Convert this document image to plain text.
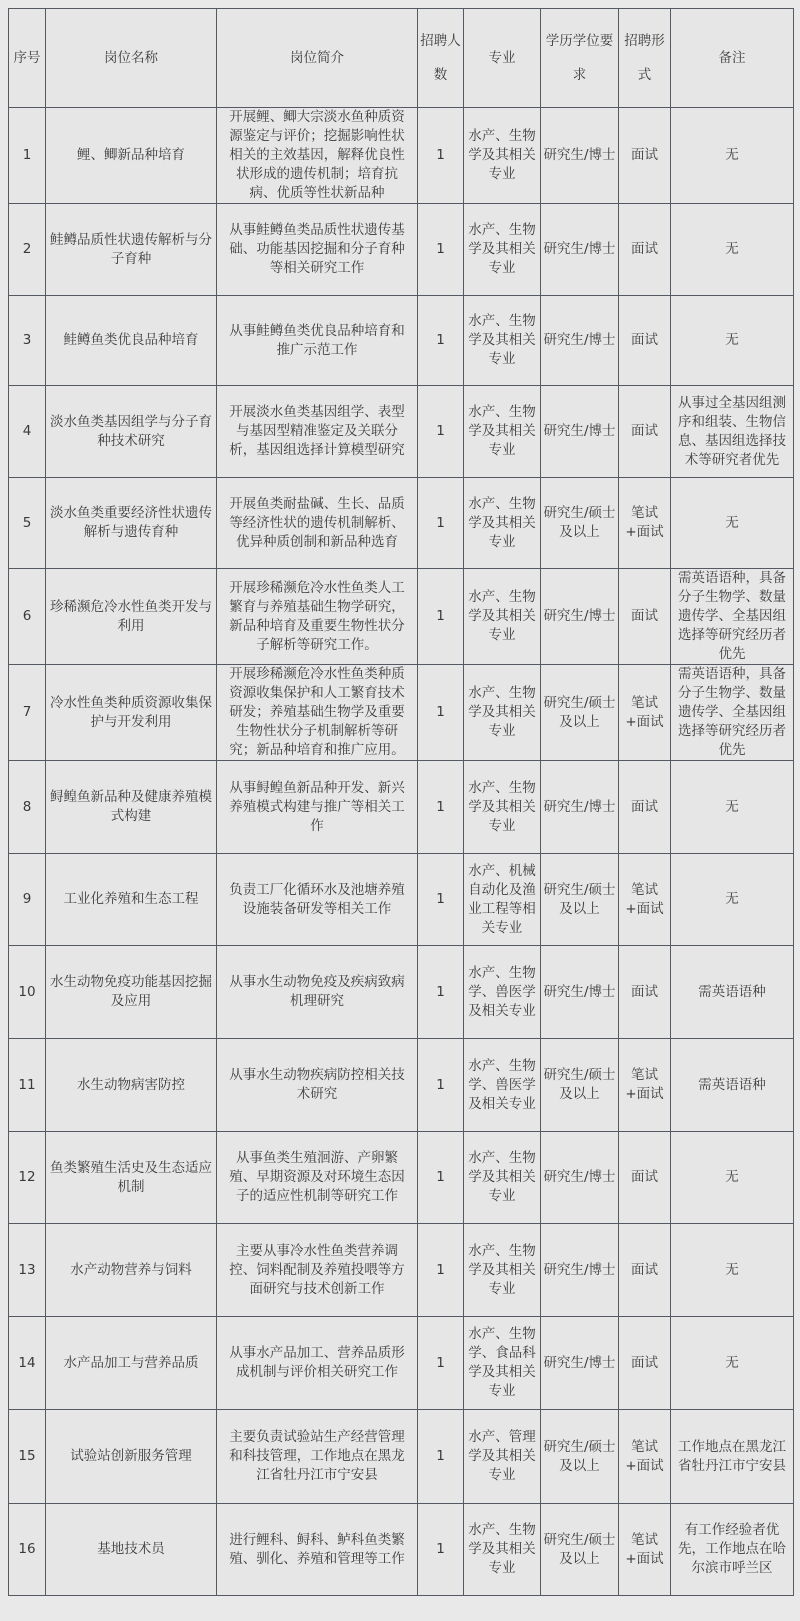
序号	岗位名称	岗位简介	招聘人数	专业	学历学位要求	招聘形式	备注
1	鲤、鲫新品种培育	开展鲤、鲫大宗淡水鱼种质资源鉴定与评价；挖掘影响性状相关的主效基因，解释优良性状形成的遗传机制；培育抗病、优质等性状新品种	1	水产、生物学及其相关专业	研究生/博士	面试	无
2	鲑鳟品质性状遗传解析与分子育种	从事鲑鳟鱼类品质性状遗传基础、功能基因挖掘和分子育种等相关研究工作	1	水产、生物学及其相关专业	研究生/博士	面试	无
3	鲑鳟鱼类优良品种培育	从事鲑鳟鱼类优良品种培育和推广示范工作	1	水产、生物学及其相关专业	研究生/博士	面试	无
4	淡水鱼类基因组学与分子育种技术研究	开展淡水鱼类基因组学、表型与基因型精准鉴定及关联分析，基因组选择计算模型研究	1	水产、生物学及其相关专业	研究生/博士	面试	从事过全基因组测序和组装、生物信息、基因组选择技术等研究者优先
5	淡水鱼类重要经济性状遗传解析与遗传育种	开展鱼类耐盐碱、生长、品质等经济性状的遗传机制解析、优异种质创制和新品种选育	1	水产、生物学及其相关专业	研究生/硕士及以上	笔试+面试	无
6	珍稀濒危冷水性鱼类开发与利用	开展珍稀濒危冷水性鱼类人工繁育与养殖基础生物学研究，新品种培育及重要生物性状分子解析等研究工作。	1	水产、生物学及其相关专业	研究生/博士	面试	需英语语种，具备分子生物学、数量遗传学、全基因组选择等研究经历者优先
7	冷水性鱼类种质资源收集保护与开发利用	开展珍稀濒危冷水性鱼类种质资源收集保护和人工繁育技术研发；养殖基础生物学及重要生物性状分子机制解析等研究；新品种培育和推广应用。	1	水产、生物学及其相关专业	研究生/硕士及以上	笔试+面试	需英语语种，具备分子生物学、数量遗传学、全基因组选择等研究经历者优先
8	鲟鳇鱼新品种及健康养殖模式构建	从事鲟鳇鱼新品种开发、新兴养殖模式构建与推广等相关工作	1	水产、生物学及其相关专业	研究生/博士	面试	无
9	工业化养殖和生态工程	负责工厂化循环水及池塘养殖设施装备研发等相关工作	1	水产、机械自动化及渔业工程等相关专业	研究生/硕士及以上	笔试+面试	无
10	水生动物免疫功能基因挖掘及应用	从事水生动物免疫及疾病致病机理研究	1	水产、生物学、兽医学及相关专业	研究生/博士	面试	需英语语种
11	水生动物病害防控	从事水生动物疾病防控相关技术研究	1	水产、生物学、兽医学及相关专业	研究生/硕士及以上	笔试+面试	需英语语种
12	鱼类繁殖生活史及生态适应机制	从事鱼类生殖洄游、产卵繁殖、早期资源及对环境生态因子的适应性机制等研究工作	1	水产、生物学及其相关专业	研究生/博士	面试	无
13	水产动物营养与饲料	主要从事冷水性鱼类营养调控、饲料配制及养殖投喂等方面研究与技术创新工作	1	水产、生物学及其相关专业	研究生/博士	面试	无
14	水产品加工与营养品质	从事水产品加工、营养品质形成机制与评价相关研究工作	1	水产、生物学、食品科学及其相关专业	研究生/博士	面试	无
15	试验站创新服务管理	主要负责试验站生产经营管理和科技管理，工作地点在黑龙江省牡丹江市宁安县	1	水产、管理学及其相关专业	研究生/硕士及以上	笔试+面试	工作地点在黑龙江省牡丹江市宁安县
16	基地技术员	进行鲤科、鲟科、鲈科鱼类繁殖、驯化、养殖和管理等工作	1	水产、生物学及其相关专业	研究生/硕士及以上	笔试+面试	有工作经验者优先，工作地点在哈尔滨市呼兰区
